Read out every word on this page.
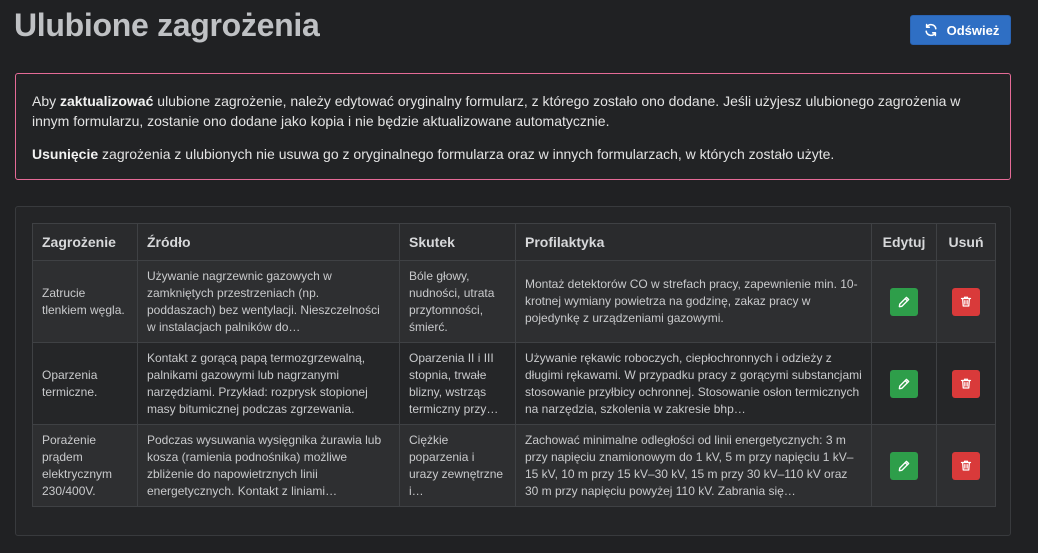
Ulubione zagrożenia	Odśwież

Aby zaktualizować ulubione zagrożenie, należy edytować oryginalny formularz, z którego zostało ono dodane. Jeśli użyjesz ulubionego zagrożenia w innym formularzu, zostanie ono dodane jako kopia i nie będzie aktualizowane automatycznie.

Usunięcie zagrożenia z ulubionych nie usuwa go z oryginalnego formularza oraz w innych formularzach, w których zostało użyte.

Zagrożenie	Źródło	Skutek	Profilaktyka	Edytuj	Usuń

Zatrucie tlenkiem węgla.	Używanie nagrzewnic gazowych w zamkniętych przestrzeniach (np. poddaszach) bez wentylacji. Nieszczelności w instalacjach palników do…	Bóle głowy, nudności, utrata przytomności, śmierć.	Montaż detektorów CO w strefach pracy, zapewnienie min. 10-krotnej wymiany powietrza na godzinę, zakaz pracy w pojedynkę z urządzeniami gazowymi.

Oparzenia termiczne.	Kontakt z gorącą papą termozgrzewalną, palnikami gazowymi lub nagrzanymi narzędziami. Przykład: rozprysk stopionej masy bitumicznej podczas zgrzewania.	Oparzenia II i III stopnia, trwałe blizny, wstrząs termiczny przy…	Używanie rękawic roboczych, ciepłochronnych i odzieży z długimi rękawami. W przypadku pracy z gorącymi substancjami stosowanie przyłbicy ochronnej. Stosowanie osłon termicznych na narzędzia, szkolenia w zakresie bhp…

Porażenie prądem elektrycznym 230/400V.	Podczas wysuwania wysięgnika żurawia lub kosza (ramienia podnośnika) możliwe zbliżenie do napowietrznych linii energetycznych. Kontakt z liniami…	Ciężkie poparzenia i urazy zewnętrzne i…	Zachować minimalne odległości od linii energetycznych: 3 m przy napięciu znamionowym do 1 kV, 5 m przy napięciu 1 kV–15 kV, 10 m przy 15 kV–30 kV, 15 m przy 30 kV–110 kV oraz 30 m przy napięciu powyżej 110 kV. Zabrania się…
